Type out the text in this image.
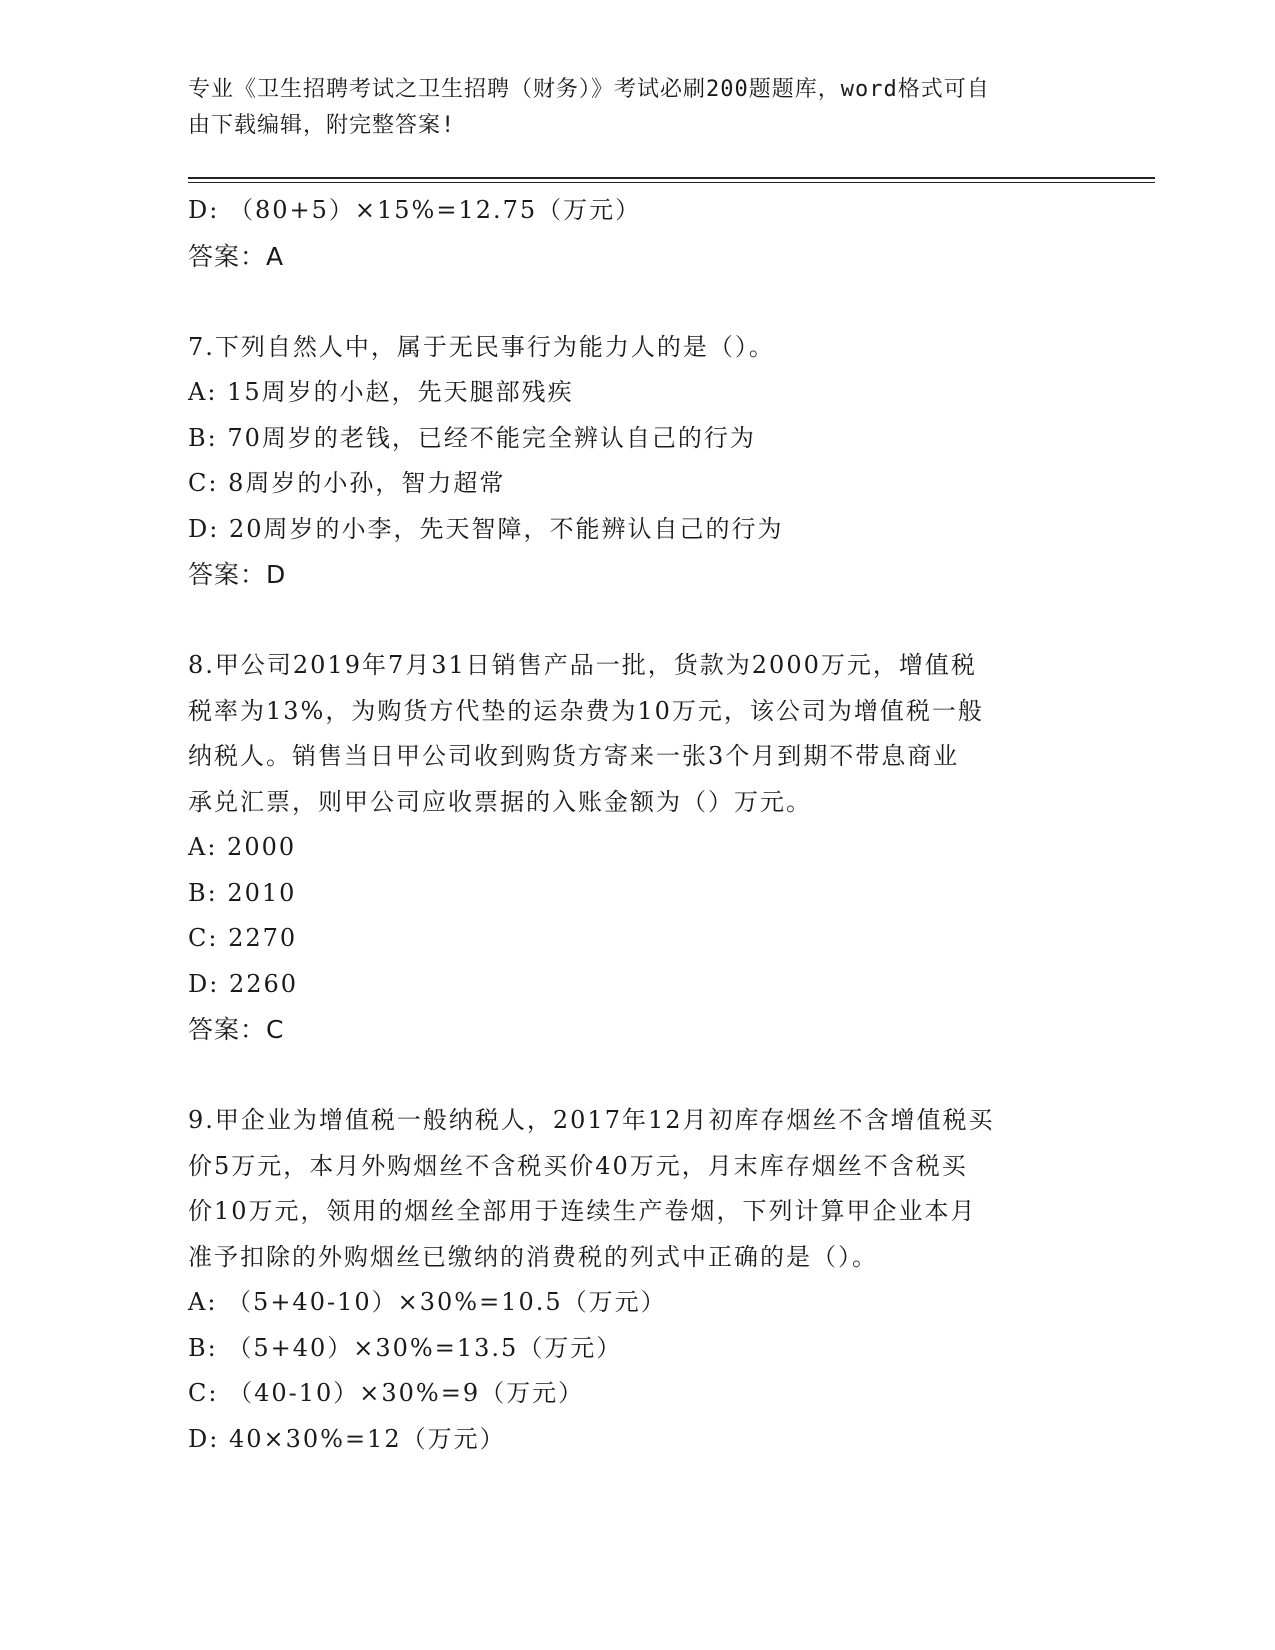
专业《卫生招聘考试之卫生招聘（财务）》考试必刷200题题库，word格式可自
由下载编辑，附完整答案!
D: （80+5）×15%=12.75（万元）
答案：A
7.下列自然人中，属于无民事行为能力人的是（）。
A: 15周岁的小赵，先天腿部残疾
B: 70周岁的老钱，已经不能完全辨认自己的行为
C: 8周岁的小孙，智力超常
D: 20周岁的小李，先天智障，不能辨认自己的行为
答案：D
8.甲公司2019年7月31日销售产品一批，货款为2000万元，增值税
税率为13%，为购货方代垫的运杂费为10万元，该公司为增值税一般
纳税人。销售当日甲公司收到购货方寄来一张3个月到期不带息商业
承兑汇票，则甲公司应收票据的入账金额为（）万元。
A: 2000
B: 2010
C: 2270
D: 2260
答案：C
9.甲企业为增值税一般纳税人，2017年12月初库存烟丝不含增值税买
价5万元，本月外购烟丝不含税买价40万元，月末库存烟丝不含税买
价10万元，领用的烟丝全部用于连续生产卷烟，下列计算甲企业本月
准予扣除的外购烟丝已缴纳的消费税的列式中正确的是（）。
A: （5+40-10）×30%=10.5（万元）
B: （5+40）×30%=13.5（万元）
C: （40-10）×30%=9（万元）
D: 40×30%=12（万元）
